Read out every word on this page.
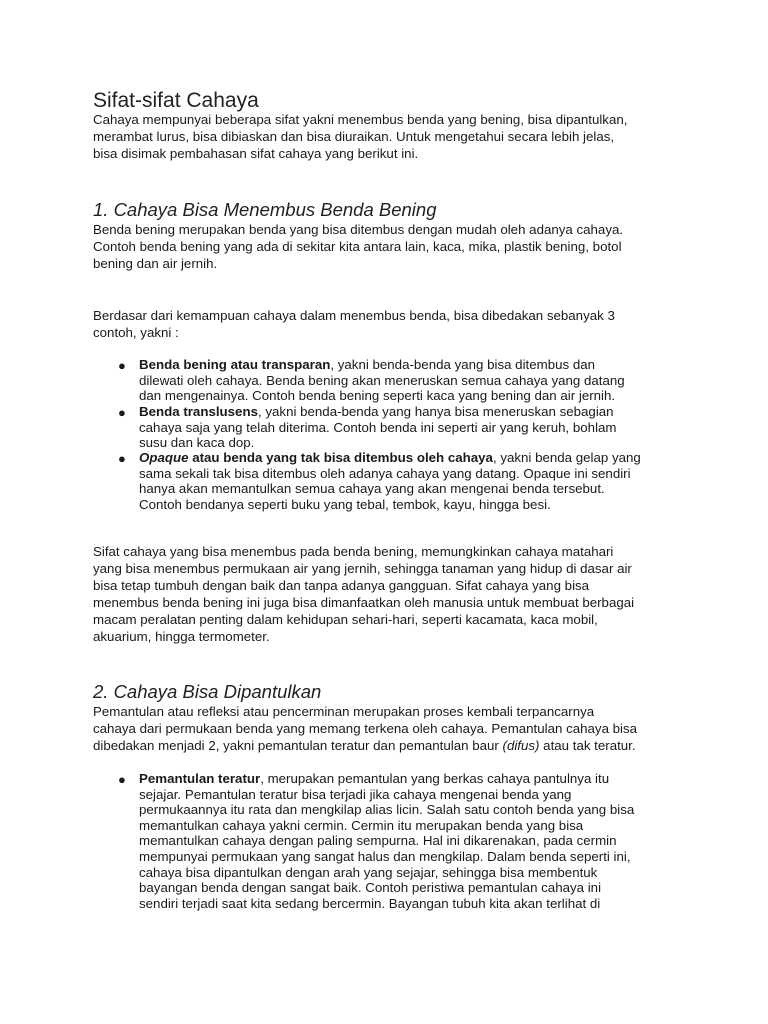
Sifat-sifat Cahaya
Cahaya mempunyai beberapa sifat yakni menembus benda yang bening, bisa dipantulkan,
merambat lurus, bisa dibiaskan dan bisa diuraikan. Untuk mengetahui secara lebih jelas,
bisa disimak pembahasan sifat cahaya yang berikut ini.
1. Cahaya Bisa Menembus Benda Bening
Benda bening merupakan benda yang bisa ditembus dengan mudah oleh adanya cahaya.
Contoh benda bening yang ada di sekitar kita antara lain, kaca, mika, plastik bening, botol
bening dan air jernih.
Berdasar dari kemampuan cahaya dalam menembus benda, bisa dibedakan sebanyak 3
contoh, yakni :
● Benda bening atau transparan, yakni benda-benda yang bisa ditembus dan
dilewati oleh cahaya. Benda bening akan meneruskan semua cahaya yang datang
dan mengenainya. Contoh benda bening seperti kaca yang bening dan air jernih.
● Benda translusens, yakni benda-benda yang hanya bisa meneruskan sebagian
cahaya saja yang telah diterima. Contoh benda ini seperti air yang keruh, bohlam
susu dan kaca dop.
● Opaque atau benda yang tak bisa ditembus oleh cahaya, yakni benda gelap yang
sama sekali tak bisa ditembus oleh adanya cahaya yang datang. Opaque ini sendiri
hanya akan memantulkan semua cahaya yang akan mengenai benda tersebut.
Contoh bendanya seperti buku yang tebal, tembok, kayu, hingga besi.
Sifat cahaya yang bisa menembus pada benda bening, memungkinkan cahaya matahari
yang bisa menembus permukaan air yang jernih, sehingga tanaman yang hidup di dasar air
bisa tetap tumbuh dengan baik dan tanpa adanya gangguan. Sifat cahaya yang bisa
menembus benda bening ini juga bisa dimanfaatkan oleh manusia untuk membuat berbagai
macam peralatan penting dalam kehidupan sehari-hari, seperti kacamata, kaca mobil,
akuarium, hingga termometer.
2. Cahaya Bisa Dipantulkan
Pemantulan atau refleksi atau pencerminan merupakan proses kembali terpancarnya
cahaya dari permukaan benda yang memang terkena oleh cahaya. Pemantulan cahaya bisa
dibedakan menjadi 2, yakni pemantulan teratur dan pemantulan baur (difus) atau tak teratur.
● Pemantulan teratur, merupakan pemantulan yang berkas cahaya pantulnya itu
sejajar. Pemantulan teratur bisa terjadi jika cahaya mengenai benda yang
permukaannya itu rata dan mengkilap alias licin. Salah satu contoh benda yang bisa
memantulkan cahaya yakni cermin. Cermin itu merupakan benda yang bisa
memantulkan cahaya dengan paling sempurna. Hal ini dikarenakan, pada cermin
mempunyai permukaan yang sangat halus dan mengkilap. Dalam benda seperti ini,
cahaya bisa dipantulkan dengan arah yang sejajar, sehingga bisa membentuk
bayangan benda dengan sangat baik. Contoh peristiwa pemantulan cahaya ini
sendiri terjadi saat kita sedang bercermin. Bayangan tubuh kita akan terlihat di
